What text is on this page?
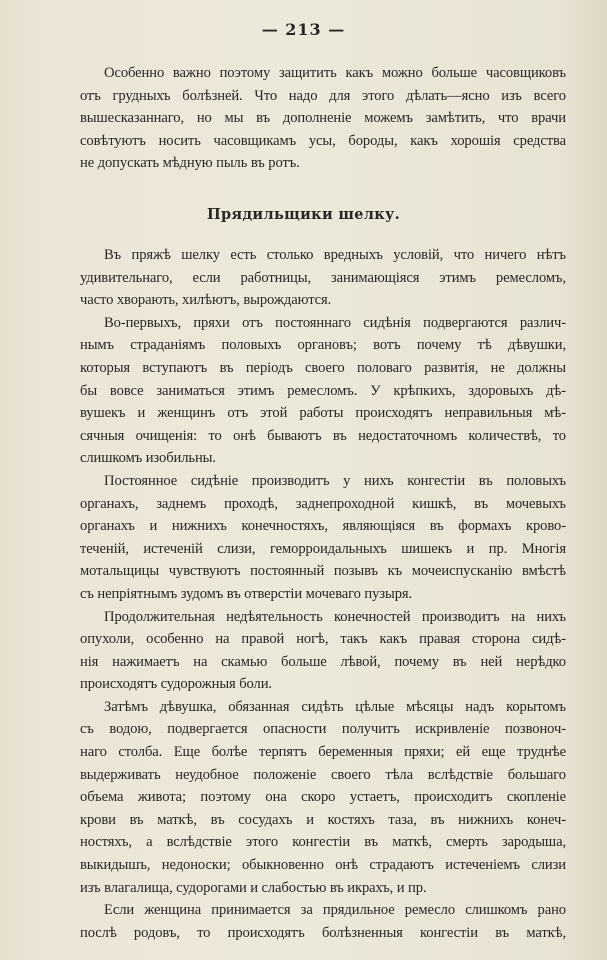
— 213 —

Особенно важно поэтому защитить какъ можно больше часовщиковъ
отъ грудныхъ болѣзней. Что надо для этого дѣлать—ясно изъ всего
вышесказаннаго, но мы въ дополненіе можемъ замѣтить, что врачи
совѣтуютъ носить часовщикамъ усы, бороды, какъ хорошія средства
не допускать мѣдную пыль въ ротъ.

Прядильщики шелку.

Въ пряжѣ шелку есть столько вредныхъ условій, что ничего нѣтъ
удивительнаго, если работницы, занимающіяся этимъ ремесломъ,
часто хворають, хилѣютъ, вырождаются.

Во-первыхъ, пряхи отъ постояннаго сидѣнія подвергаются различ-
нымъ страданіямъ половыхъ органовъ; вотъ почему тѣ дѣвушки,
которыя вступаютъ въ періодъ своего половаго развитія, не должны
бы вовсе заниматься этимъ ремесломъ. У крѣпкихъ, здоровыхъ дѣ-
вушекъ и женщинъ отъ этой работы происходятъ неправильныя мѣ-
сячныя очищенія: то онѣ бываютъ въ недостаточномъ количествѣ, то
слишкомъ изобильны.

Постоянное сидѣніе производитъ у нихъ конгестіи въ половыхъ
органахъ, заднемъ проходѣ, заднепроходной кишкѣ, въ мочевыхъ
органахъ и нижнихъ конечностяхъ, являющіяся въ формахъ крово-
теченій, истеченій слизи, геморроидальныхъ шишекъ и пр. Многія
мотальщицы чувствуютъ постоянный позывъ къ мочеиспусканію вмѣстѣ
съ непріятнымъ зудомъ въ отверстіи мочеваго пузыря.

Продолжительная недѣятельность конечностей производитъ на нихъ
опухоли, особенно на правой ногѣ, такъ какъ правая сторона сидѣ-
нія нажимаетъ на скамью больше лѣвой, почему въ ней нерѣдко
происходятъ судорожныя боли.

Затѣмъ дѣвушка, обязанная сидѣть цѣлые мѣсяцы надъ корытомъ
съ водою, подвергается опасности получитъ искривленіе позвоноч-
наго столба. Еще болѣе терпятъ беременныя пряхи; ей еще труднѣе
выдерживать неудобное положеніе своего тѣла вслѣдствіе большаго
объема живота; поэтому она скоро устаетъ, происходитъ скопленіе
крови въ маткѣ, въ сосудахъ и костяхъ таза, въ нижнихъ конеч-
ностяхъ, а вслѣдствіе этого конгестіи въ маткѣ, смерть зародыша,
выкидышъ, недоноски; обыкновенно онѣ страдаютъ истеченіемъ слизи
изъ влагалища, судорогами и слабостью въ икрахъ, и пр.

Если женщина принимается за прядильное ремесло слишкомъ рано
послѣ родовъ, то происходятъ болѣзненныя конгестіи въ маткѣ,
